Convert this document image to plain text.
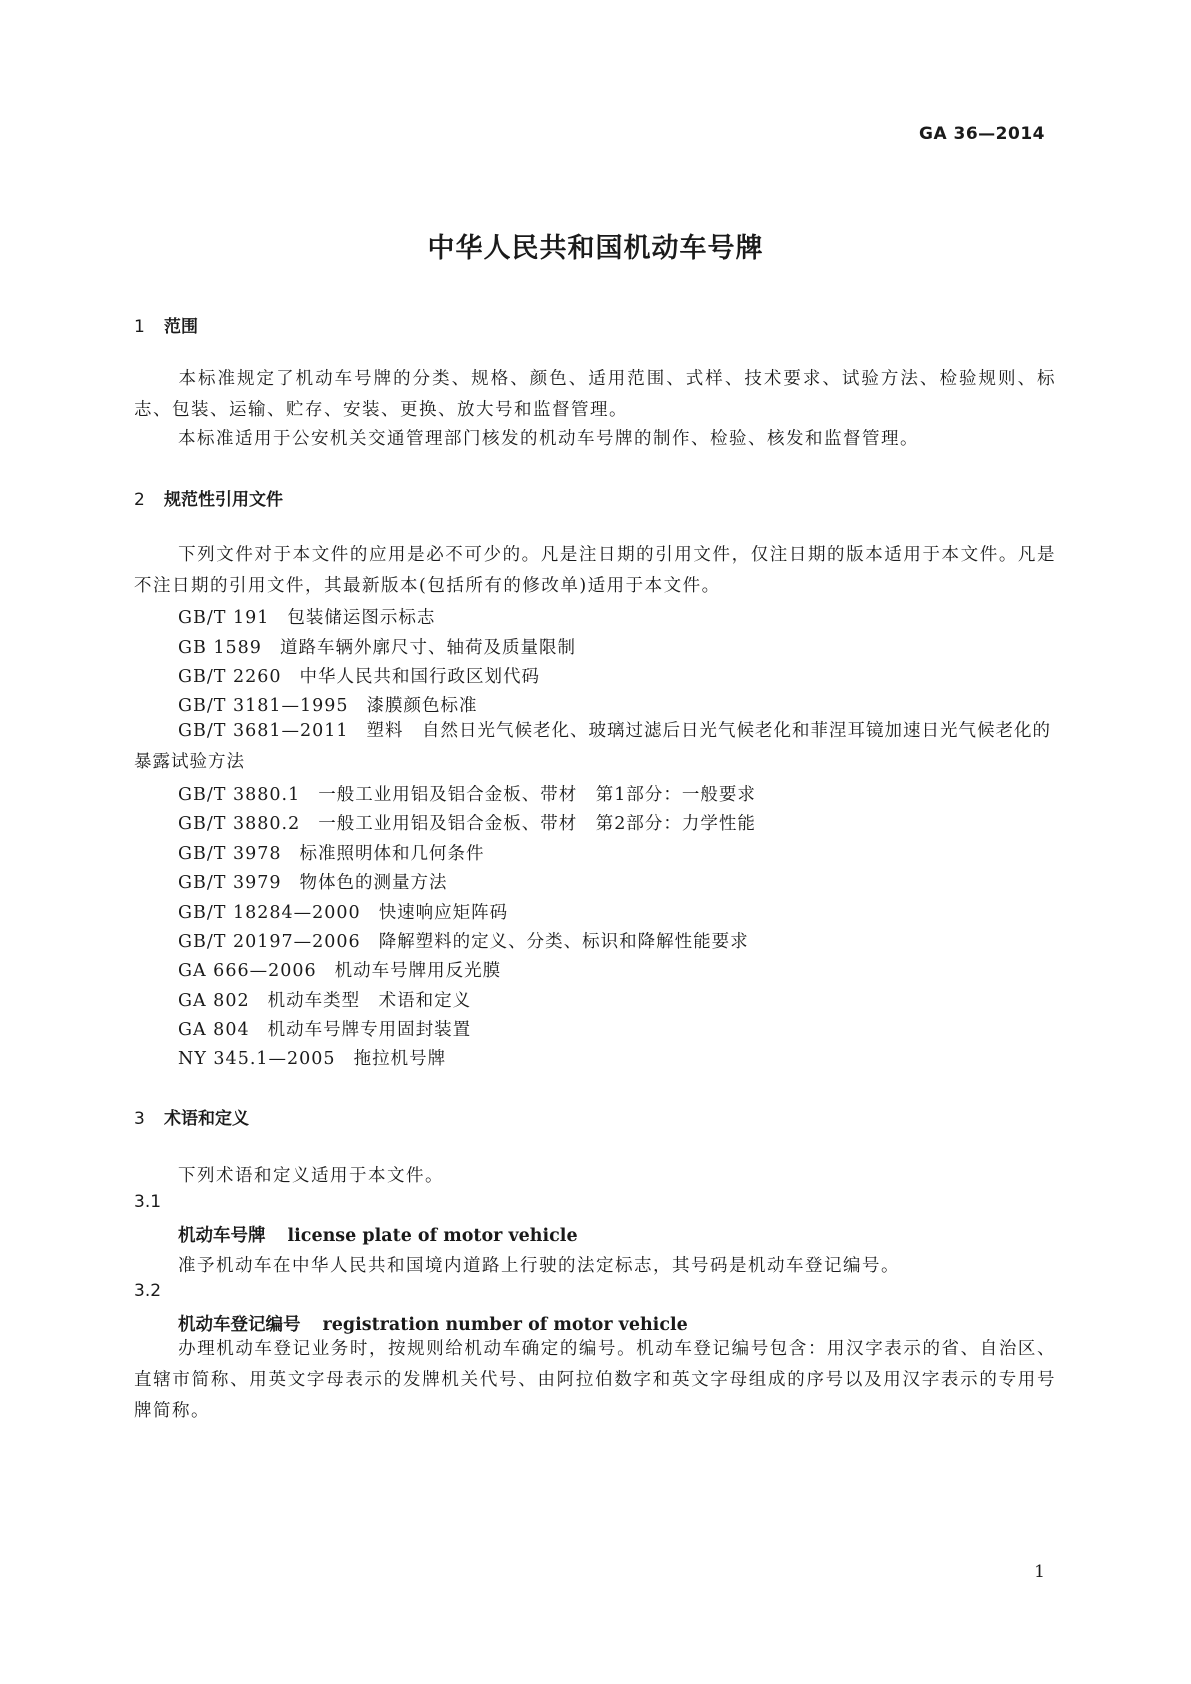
GA 36—2014
中华人民共和国机动车号牌
1 范围
本标准规定了机动车号牌的分类、规格、颜色、适用范围、式样、技术要求、试验方法、检验规则、标志、包装、运输、贮存、安装、更换、放大号和监督管理。
本标准适用于公安机关交通管理部门核发的机动车号牌的制作、检验、核发和监督管理。
2 规范性引用文件
下列文件对于本文件的应用是必不可少的。凡是注日期的引用文件，仅注日期的版本适用于本文件。凡是不注日期的引用文件，其最新版本(包括所有的修改单)适用于本文件。
GB/T 191 包装储运图示标志
GB 1589 道路车辆外廓尺寸、轴荷及质量限制
GB/T 2260 中华人民共和国行政区划代码
GB/T 3181—1995 漆膜颜色标准
GB/T 3681—2011 塑料　自然日光气候老化、玻璃过滤后日光气候老化和菲涅耳镜加速日光气候老化的暴露试验方法
GB/T 3880.1 一般工业用铝及铝合金板、带材　第1部分：一般要求
GB/T 3880.2 一般工业用铝及铝合金板、带材　第2部分：力学性能
GB/T 3978 标准照明体和几何条件
GB/T 3979 物体色的测量方法
GB/T 18284—2000 快速响应矩阵码
GB/T 20197—2006 降解塑料的定义、分类、标识和降解性能要求
GA 666—2006 机动车号牌用反光膜
GA 802 机动车类型　术语和定义
GA 804 机动车号牌专用固封装置
NY 345.1—2005 拖拉机号牌
3 术语和定义
下列术语和定义适用于本文件。
3.1
机动车号牌 license plate of motor vehicle
准予机动车在中华人民共和国境内道路上行驶的法定标志，其号码是机动车登记编号。
3.2
机动车登记编号 registration number of motor vehicle
办理机动车登记业务时，按规则给机动车确定的编号。机动车登记编号包含：用汉字表示的省、自治区、直辖市简称、用英文字母表示的发牌机关代号、由阿拉伯数字和英文字母组成的序号以及用汉字表示的专用号牌简称。
1
